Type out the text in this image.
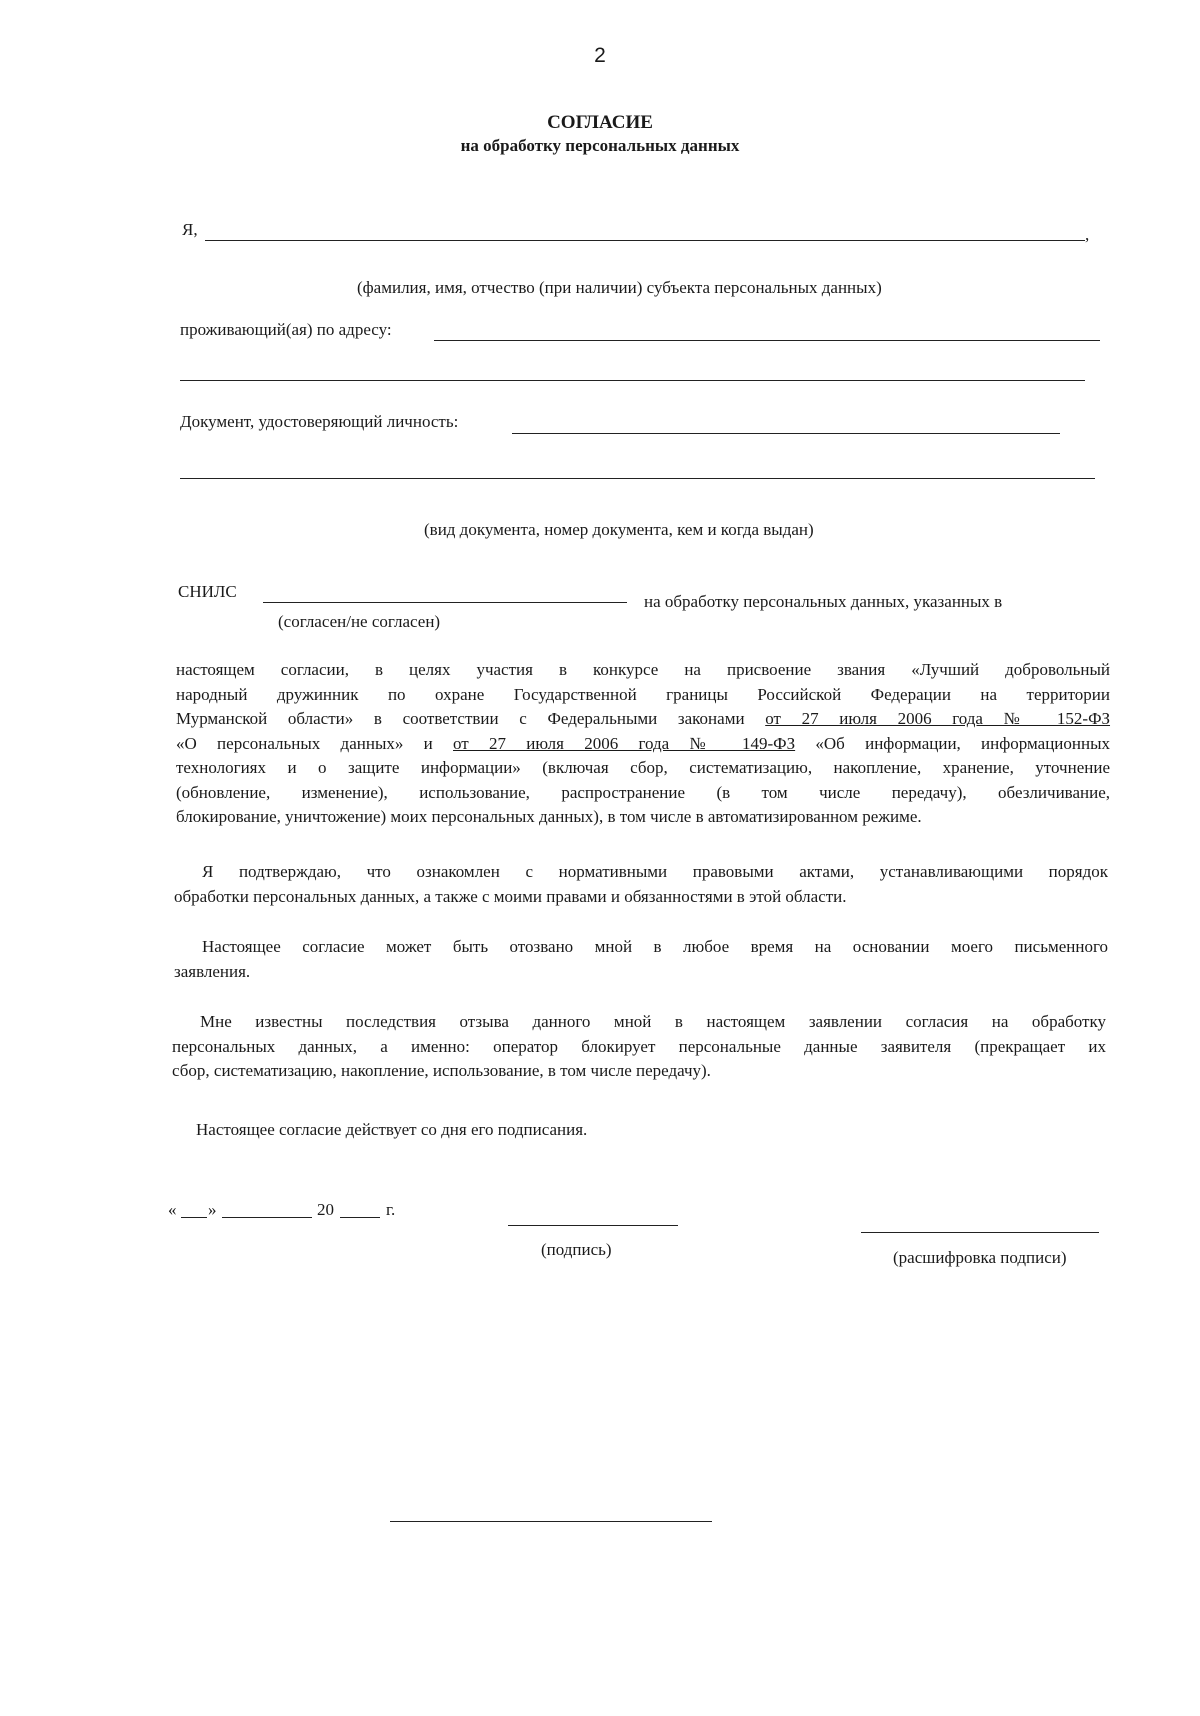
2
СОГЛАСИЕ
на обработку персональных данных
Я,	,
(фамилия, имя, отчество (при наличии) субъекта персональных данных)
проживающий(ая) по адресу:
Документ, удостоверяющий личность:
(вид документа, номер документа, кем и когда выдан)
СНИЛС
на обработку персональных данных, указанных в
(согласен/не согласен)
настоящем согласии, в целях участия в конкурсе на присвоение звания «Лучший добровольный
народный дружинник по охране Государственной границы Российской Федерации на территории
Мурманской области» в соответствии с Федеральными законами от 27 июля 2006 года № 152-ФЗ
«О персональных данных» и от 27 июля 2006 года № 149-ФЗ «Об информации, информационных
технологиях и о защите информации» (включая сбор, систематизацию, накопление, хранение, уточнение
(обновление, изменение), использование, распространение (в том числе передачу), обезличивание,
блокирование, уничтожение) моих персональных данных), в том числе в автоматизированном режиме.
Я подтверждаю, что ознакомлен с нормативными правовыми актами, устанавливающими порядок
обработки персональных данных, а также с моими правами и обязанностями в этой области.
Настоящее согласие может быть отозвано мной в любое время на основании моего письменного
заявления.
Мне известны последствия отзыва данного мной в настоящем заявлении согласия на обработку
персональных данных, а именно: оператор блокирует персональные данные заявителя (прекращает их
сбор, систематизацию, накопление, использование, в том числе передачу).
Настоящее согласие действует со дня его подписания.
« »	20	г.
(подпись)	(расшифровка подписи)
